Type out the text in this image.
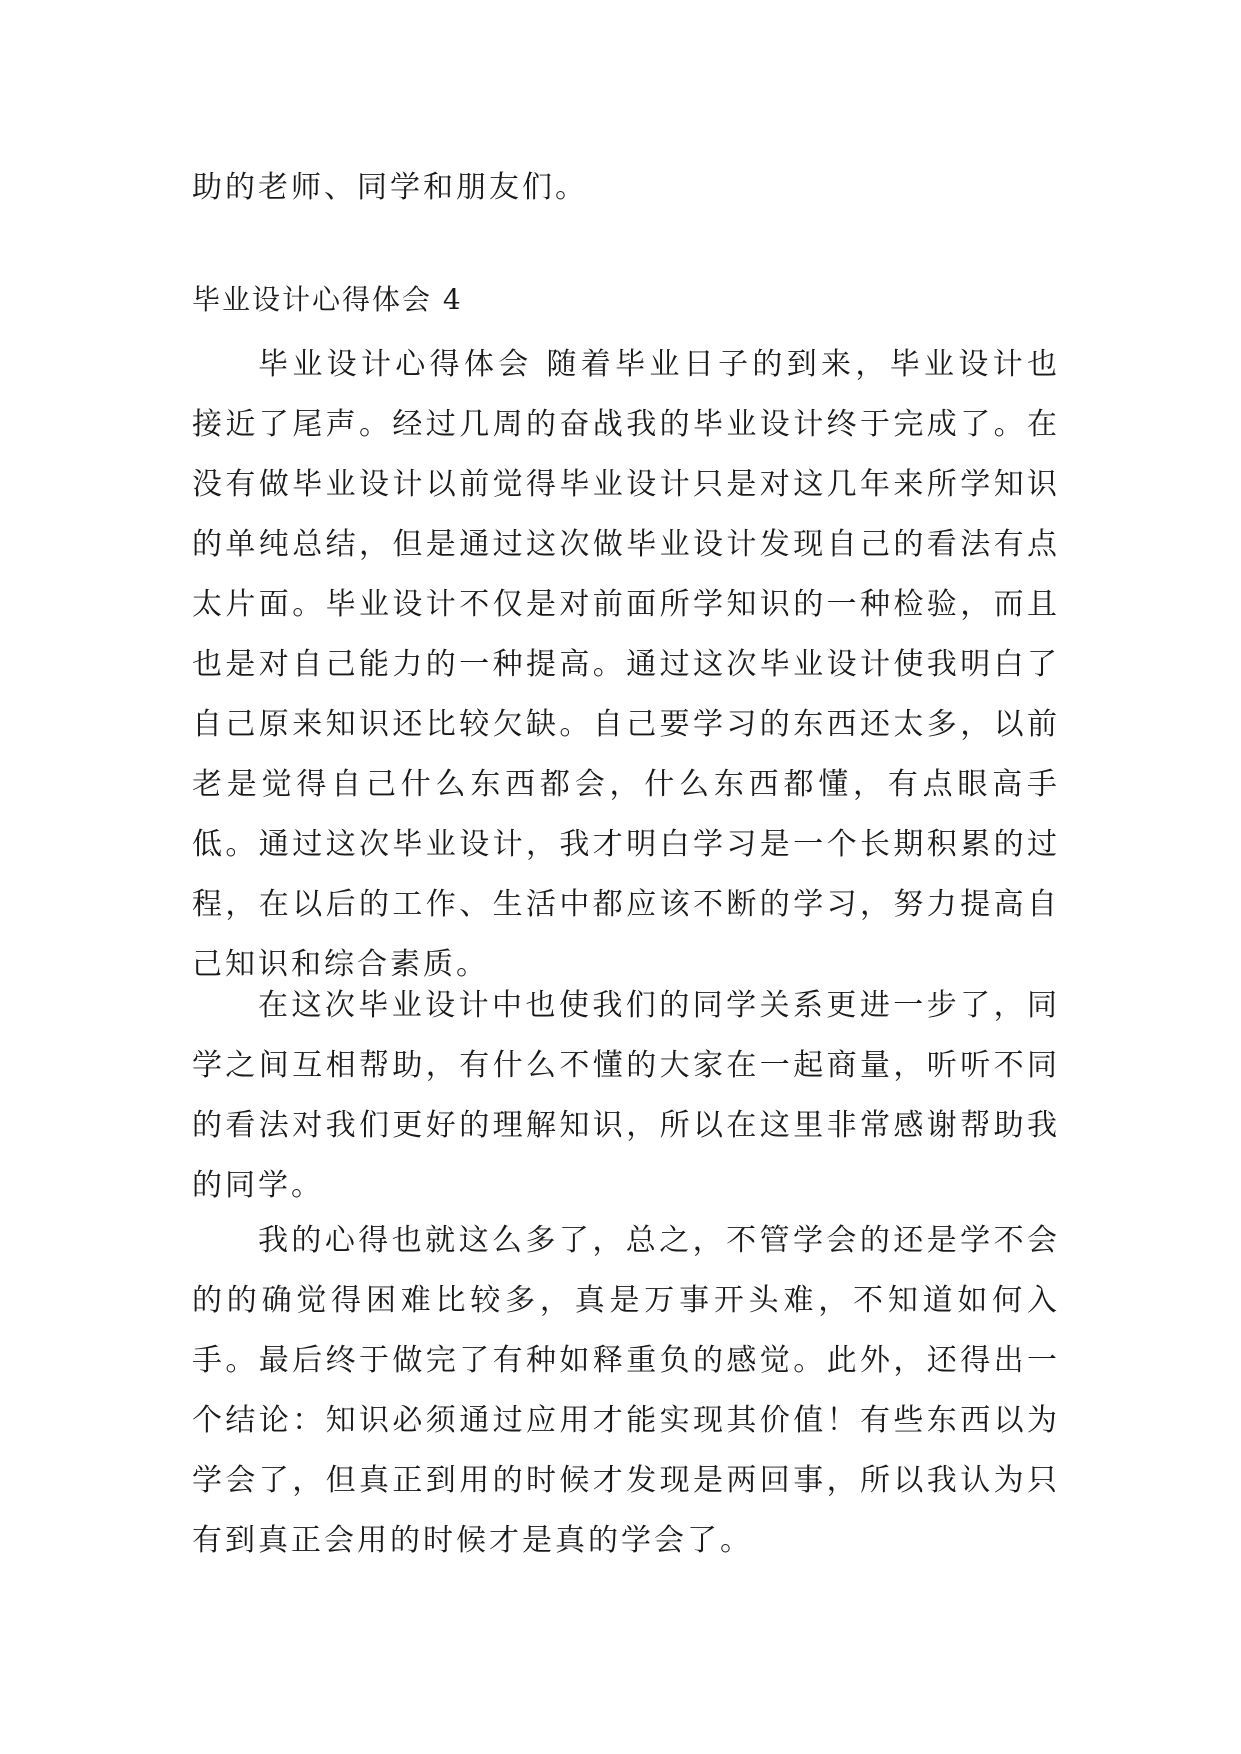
助的老师、同学和朋友们。

毕业设计心得体会 4

毕业设计心得体会 随着毕业日子的到来，毕业设计也接近了尾声。经过几周的奋战我的毕业设计终于完成了。在没有做毕业设计以前觉得毕业设计只是对这几年来所学知识的单纯总结，但是通过这次做毕业设计发现自己的看法有点太片面。毕业设计不仅是对前面所学知识的一种检验，而且也是对自己能力的一种提高。通过这次毕业设计使我明白了自己原来知识还比较欠缺。自己要学习的东西还太多，以前老是觉得自己什么东西都会，什么东西都懂，有点眼高手低。通过这次毕业设计，我才明白学习是一个长期积累的过程，在以后的工作、生活中都应该不断的学习，努力提高自己知识和综合素质。

在这次毕业设计中也使我们的同学关系更进一步了，同学之间互相帮助，有什么不懂的大家在一起商量，听听不同的看法对我们更好的理解知识，所以在这里非常感谢帮助我的同学。

我的心得也就这么多了，总之，不管学会的还是学不会的的确觉得困难比较多，真是万事开头难，不知道如何入手。最后终于做完了有种如释重负的感觉。此外，还得出一个结论：知识必须通过应用才能实现其价值！有些东西以为学会了，但真正到用的时候才发现是两回事，所以我认为只有到真正会用的时候才是真的学会了。
